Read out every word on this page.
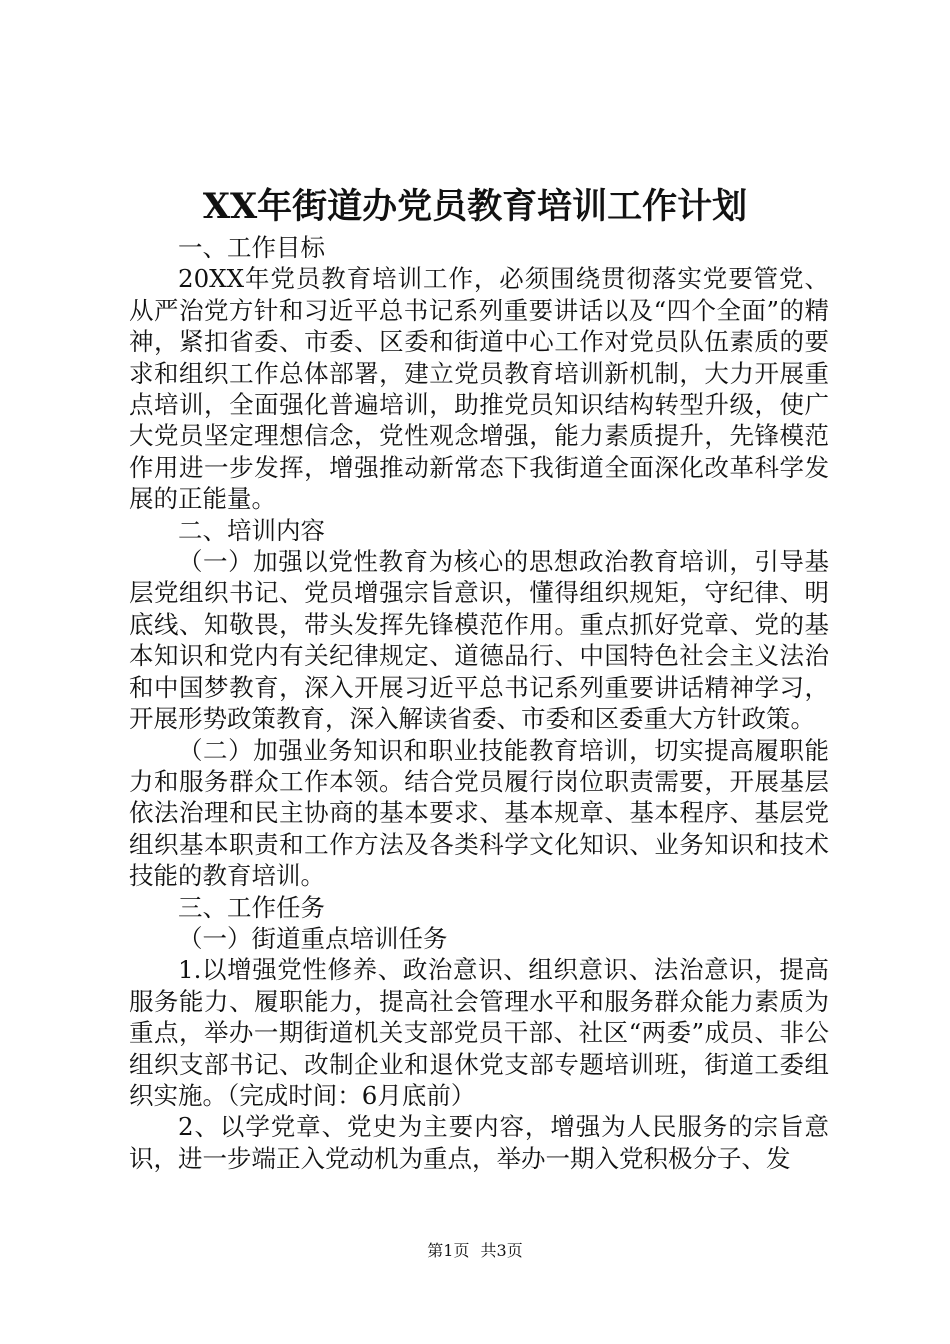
XX年街道办党员教育培训工作计划

一、工作目标

20XX年党员教育培训工作，必须围绕贯彻落实党要管党、从严治党方针和习近平总书记系列重要讲话以及“四个全面”的精神，紧扣省委、市委、区委和街道中心工作对党员队伍素质的要求和组织工作总体部署，建立党员教育培训新机制，大力开展重点培训，全面强化普遍培训，助推党员知识结构转型升级，使广大党员坚定理想信念，党性观念增强，能力素质提升，先锋模范作用进一步发挥，增强推动新常态下我街道全面深化改革科学发展的正能量。

二、培训内容

（一）加强以党性教育为核心的思想政治教育培训，引导基层党组织书记、党员增强宗旨意识，懂得组织规矩，守纪律、明底线、知敬畏，带头发挥先锋模范作用。重点抓好党章、党的基本知识和党内有关纪律规定、道德品行、中国特色社会主义法治和中国梦教育，深入开展习近平总书记系列重要讲话精神学习，开展形势政策教育，深入解读省委、市委和区委重大方针政策。

（二）加强业务知识和职业技能教育培训，切实提高履职能力和服务群众工作本领。结合党员履行岗位职责需要，开展基层依法治理和民主协商的基本要求、基本规章、基本程序、基层党组织基本职责和工作方法及各类科学文化知识、业务知识和技术技能的教育培训。

三、工作任务

（一）街道重点培训任务

1.以增强党性修养、政治意识、组织意识、法治意识，提高服务能力、履职能力，提高社会管理水平和服务群众能力素质为重点，举办一期街道机关支部党员干部、社区“两委”成员、非公组织支部书记、改制企业和退休党支部专题培训班，街道工委组织实施。（完成时间：6月底前）

2、以学党章、党史为主要内容，增强为人民服务的宗旨意识，进一步端正入党动机为重点，举办一期入党积极分子、发

第1页 共3页
